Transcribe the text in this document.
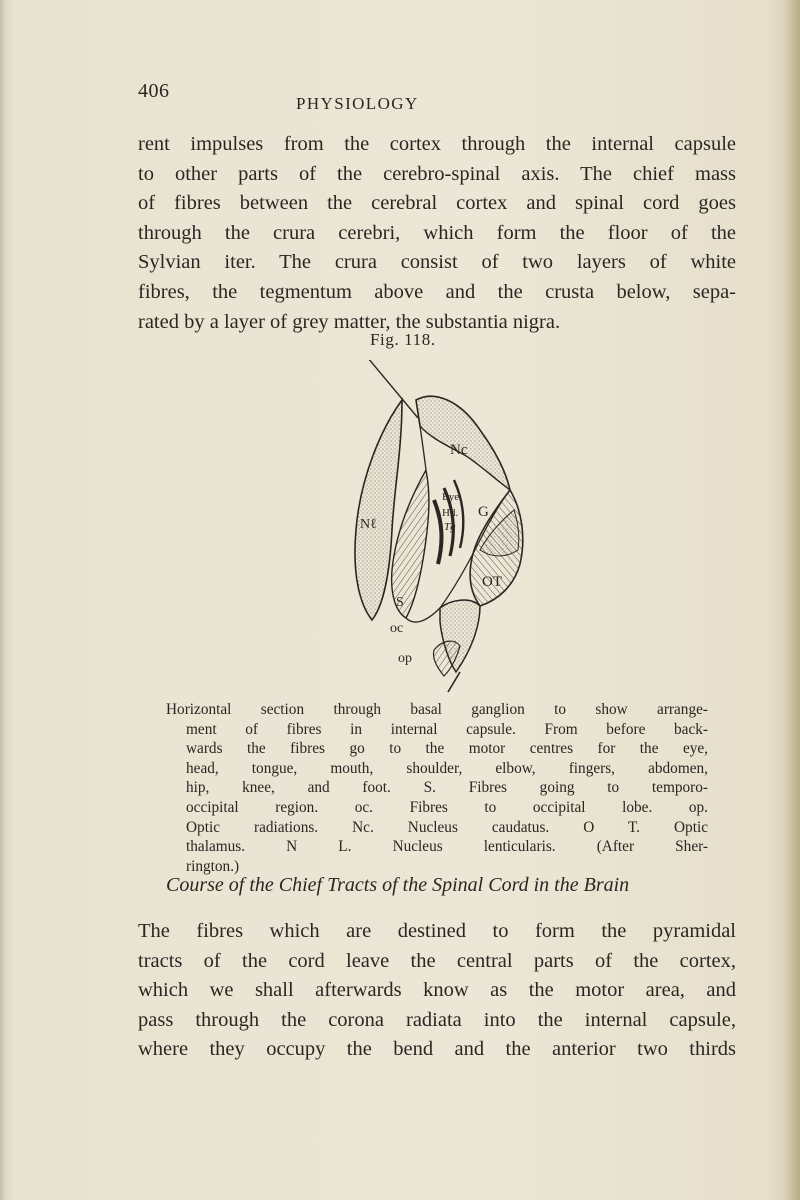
406
PHYSIOLOGY
rent impulses from the cortex through the internal capsule
to other parts of the cerebro-spinal axis. The chief mass
of fibres between the cerebral cortex and spinal cord goes
through the crura cerebri, which form the floor of the
Sylvian iter. The crura consist of two layers of white
fibres, the tegmentum above and the crusta below, sepa-
rated by a layer of grey matter, the substantia nigra.
Fig. 118.
Nc
Nℓ
Eye
Hd.
Tg
G
OT
S
oc
op
Horizontal section through basal ganglion to show arrange-
ment of fibres in internal capsule. From before back-
wards the fibres go to the motor centres for the eye,
head, tongue, mouth, shoulder, elbow, fingers, abdomen,
hip, knee, and foot. S. Fibres going to temporo-
occipital region. oc. Fibres to occipital lobe. op.
Optic radiations. Nc. Nucleus caudatus. O T. Optic
thalamus. N L. Nucleus lenticularis. (After Sher-
rington.)
Course of the Chief Tracts of the Spinal Cord in the Brain
The fibres which are destined to form the pyramidal
tracts of the cord leave the central parts of the cortex,
which we shall afterwards know as the motor area, and
pass through the corona radiata into the internal capsule,
where they occupy the bend and the anterior two thirds
